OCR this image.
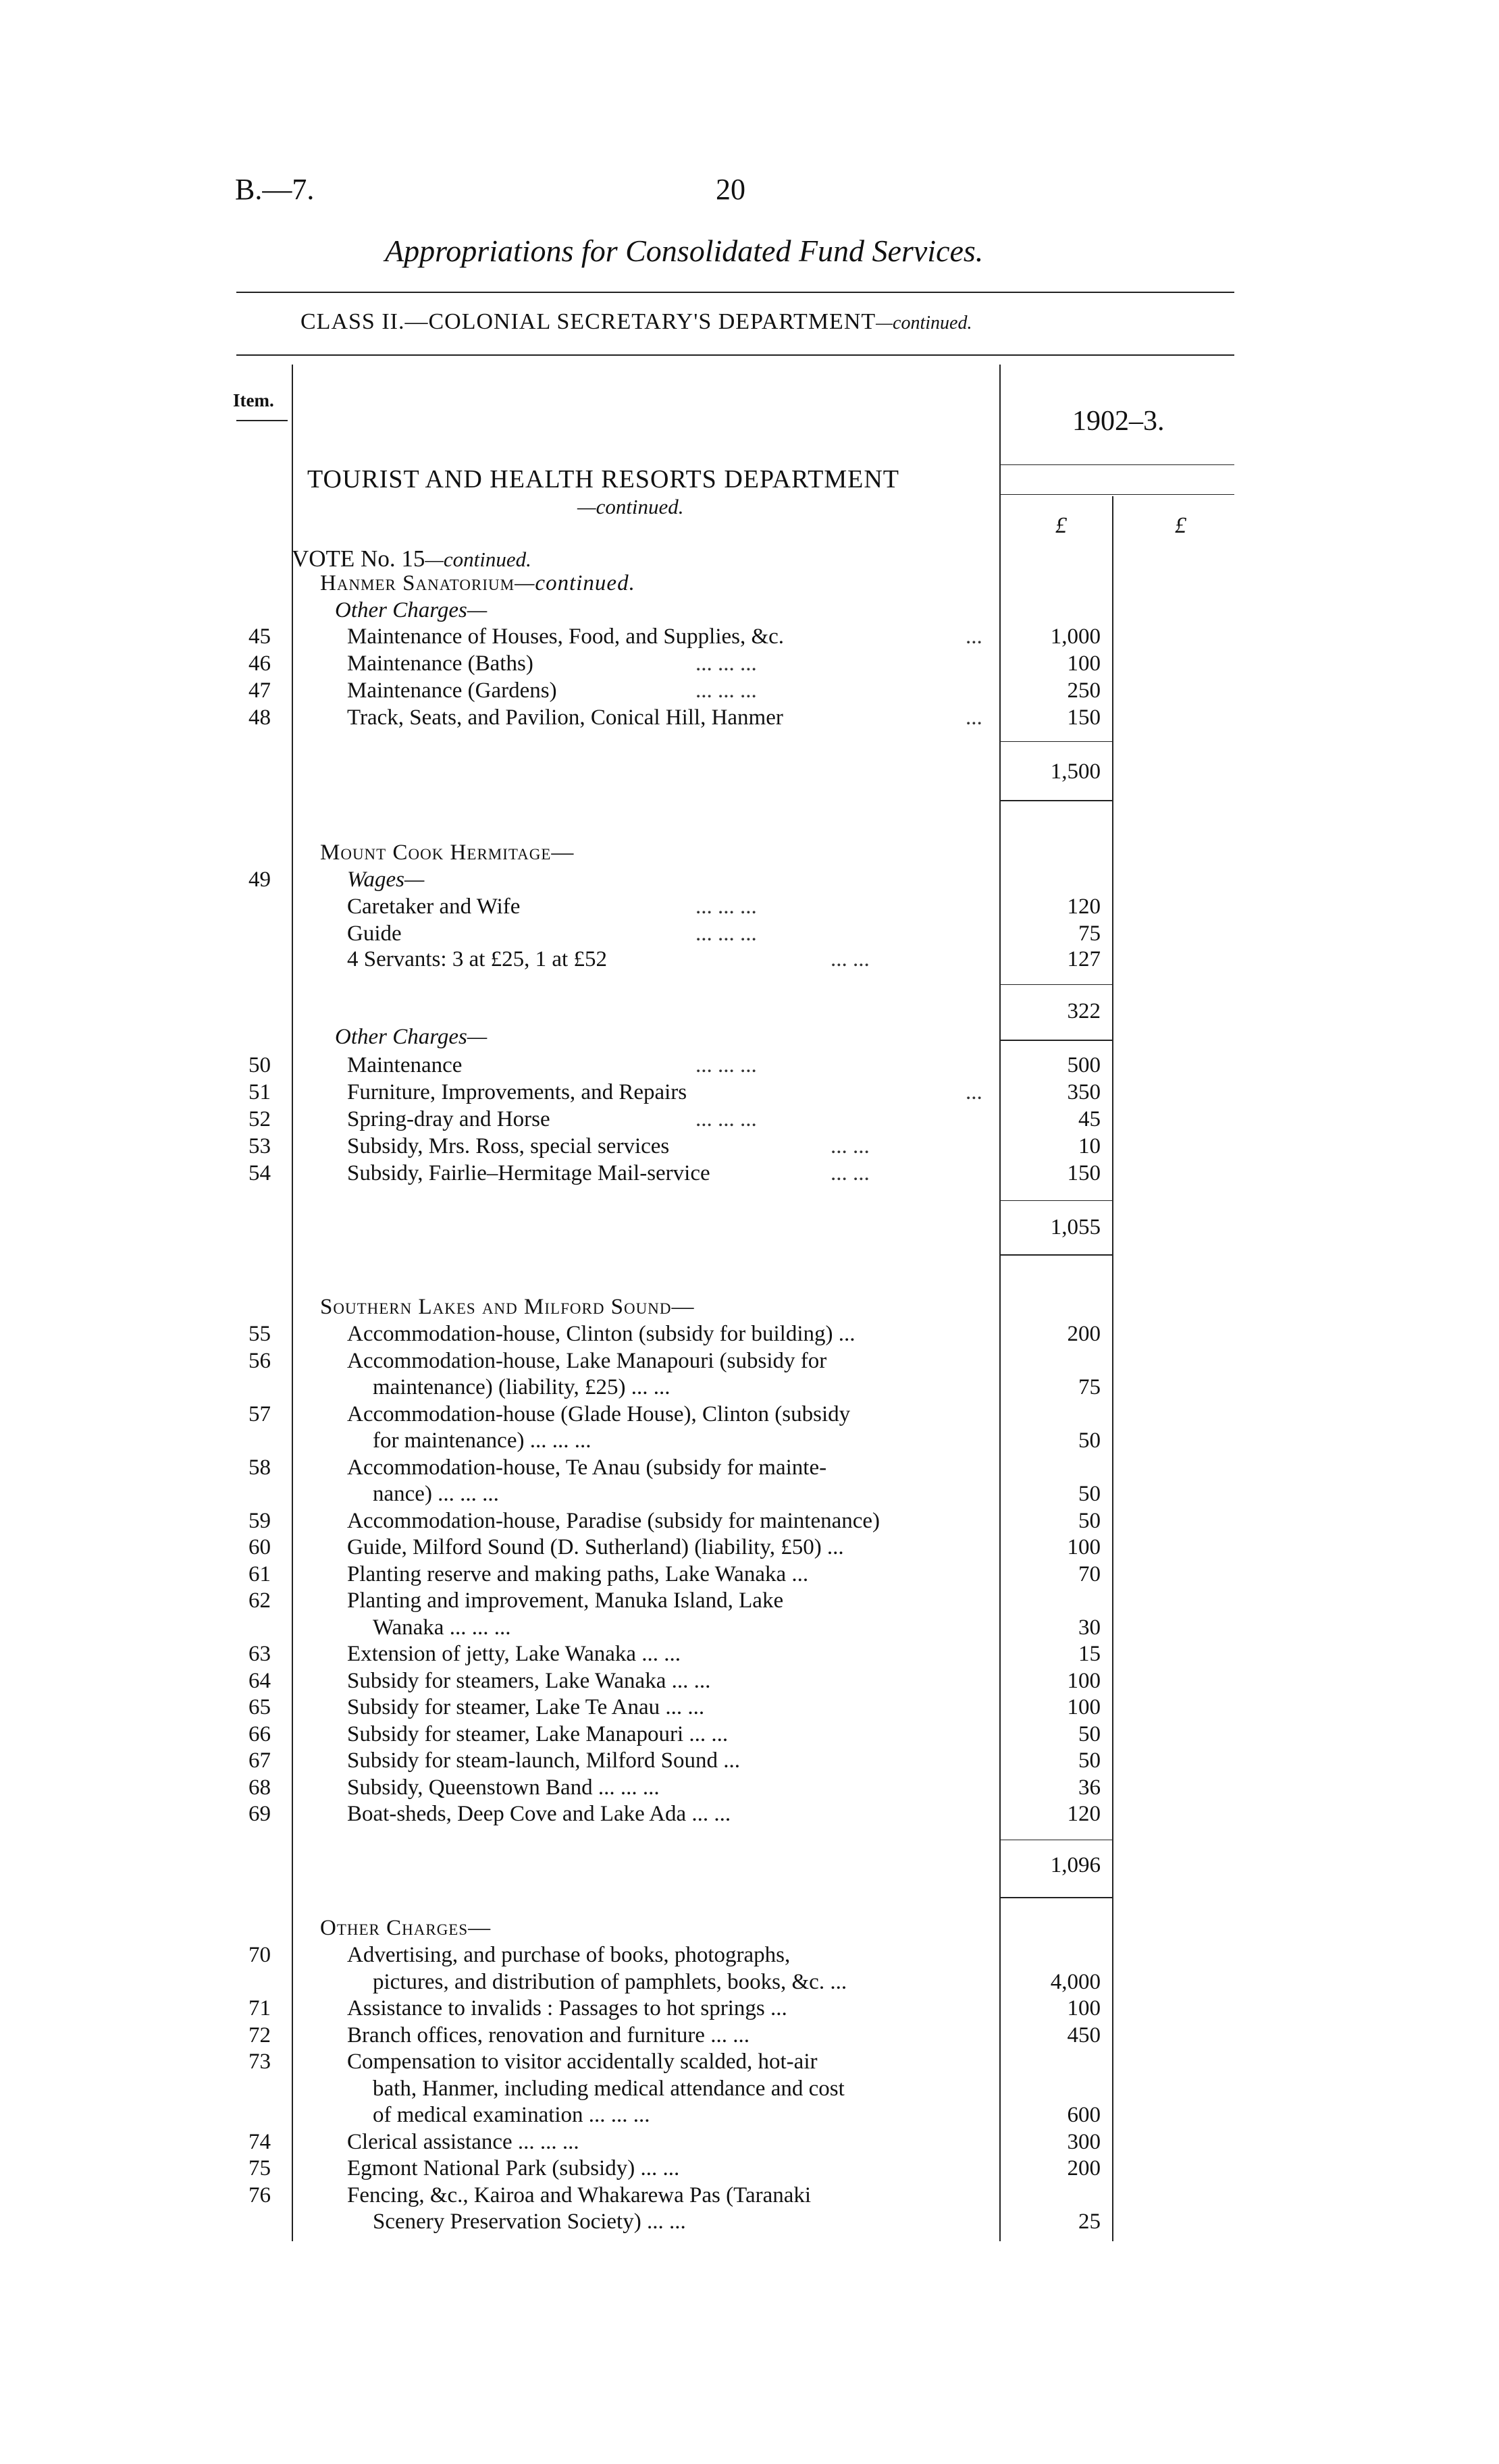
B.—7.	20
Appropriations for Consolidated Fund Services.
CLASS II.—COLONIAL SECRETARY'S DEPARTMENT—continued.
Item.
1902–3.
£	£
TOURIST AND HEALTH RESORTS DEPARTMENT
—continued.
VOTE No. 15—continued.
Hanmer Sanatorium—continued.
Other Charges—
45	Maintenance of Houses, Food, and Supplies, &c.	...	1,000
46	Maintenance (Baths)	... ... ...	100
47	Maintenance (Gardens)	... ... ...	250
48	Track, Seats, and Pavilion, Conical Hill, Hanmer	...	150
1,500
Mount Cook Hermitage—
49	Wages—
Caretaker and Wife	... ... ...	120
Guide	... ... ...	75
4 Servants: 3 at £25, 1 at £52	... ...	127
322
Other Charges—
50	Maintenance	... ... ...	500
51	Furniture, Improvements, and Repairs	...	350
52	Spring-dray and Horse	... ... ...	45
53	Subsidy, Mrs. Ross, special services	... ...	10
54	Subsidy, Fairlie–Hermitage Mail-service	... ...	150
1,055
Southern Lakes and Milford Sound—
55	Accommodation-house, Clinton (subsidy for building) ...	200
56	Accommodation-house, Lake Manapouri (subsidy for
maintenance) (liability, £25) ... ...	75
57	Accommodation-house (Glade House), Clinton (subsidy
for maintenance) ... ... ...	50
58	Accommodation-house, Te Anau (subsidy for mainte-
nance) ... ... ...	50
59	Accommodation-house, Paradise (subsidy for maintenance)	50
60	Guide, Milford Sound (D. Sutherland) (liability, £50) ...	100
61	Planting reserve and making paths, Lake Wanaka ...	70
62	Planting and improvement, Manuka Island, Lake
Wanaka ... ... ...	30
63	Extension of jetty, Lake Wanaka ... ...	15
64	Subsidy for steamers, Lake Wanaka ... ...	100
65	Subsidy for steamer, Lake Te Anau ... ...	100
66	Subsidy for steamer, Lake Manapouri ... ...	50
67	Subsidy for steam-launch, Milford Sound ...	50
68	Subsidy, Queenstown Band ... ... ...	36
69	Boat-sheds, Deep Cove and Lake Ada ... ...	120
1,096
Other Charges—
70	Advertising, and purchase of books, photographs,
pictures, and distribution of pamphlets, books, &c. ...	4,000
71	Assistance to invalids : Passages to hot springs ...	100
72	Branch offices, renovation and furniture ... ...	450
73	Compensation to visitor accidentally scalded, hot-air
bath, Hanmer, including medical attendance and cost
of medical examination ... ... ...	600
74	Clerical assistance ... ... ...	300
75	Egmont National Park (subsidy) ... ...	200
76	Fencing, &c., Kairoa and Whakarewa Pas (Taranaki
Scenery Preservation Society) ... ...	25
